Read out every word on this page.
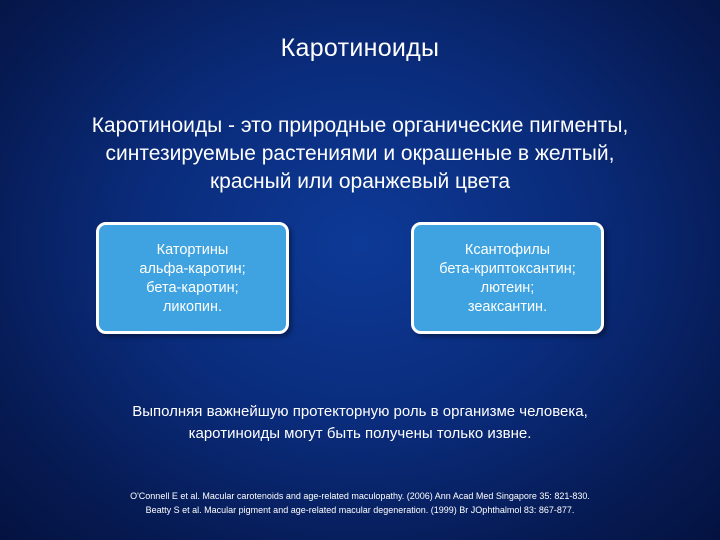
Каротиноиды
Каротиноиды - это природные органические пигменты,
синтезируемые растениями и окрашеные в желтый,
красный или оранжевый цвета
Катортины
альфа-каротин;
бета-каротин;
ликопин.
Ксантофилы
бета-криптоксантин;
лютеин;
зеаксантин.
Выполняя важнейшую протекторную роль в организме человека,
каротиноиды могут быть получены только извне.
O'Connell E et al. Macular carotenoids and age-related maculopathy. (2006) Ann Acad Med Singapore 35: 821-830.
Beatty S et al. Macular pigment and age-related macular degeneration. (1999) Br JOphthalmol 83: 867-877.
